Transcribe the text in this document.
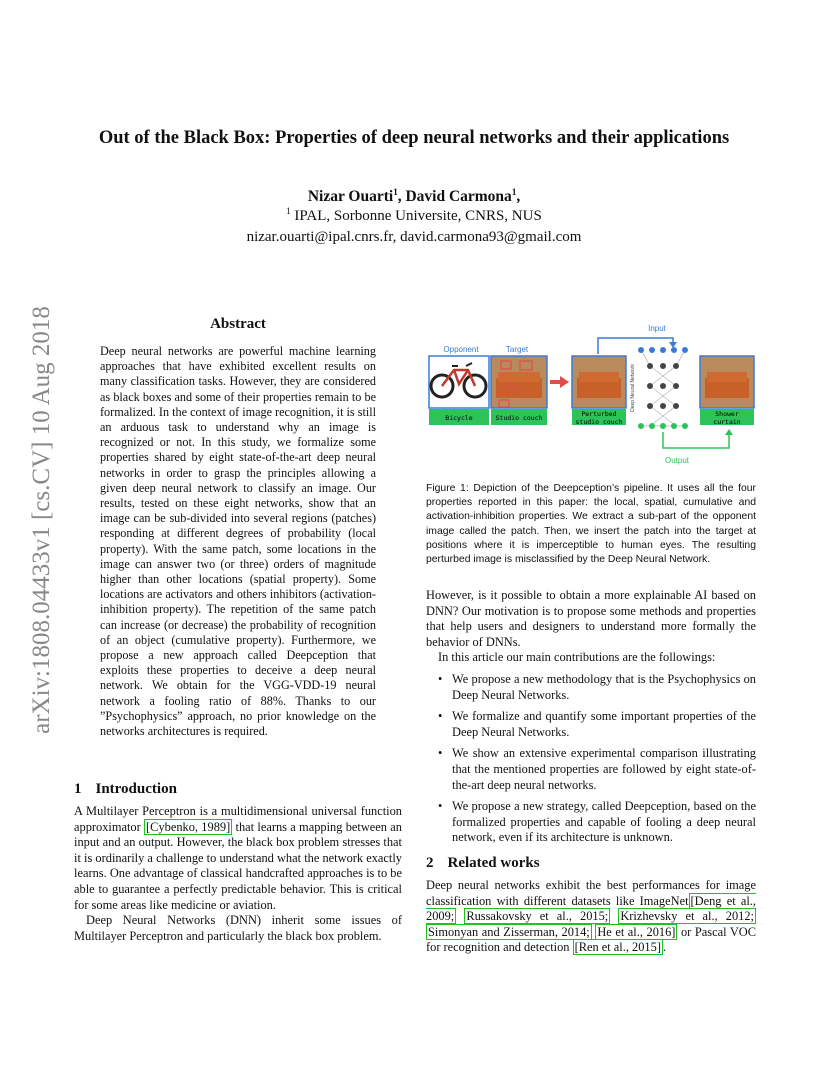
arXiv:1808.04433v1 [cs.CV] 10 Aug 2018
Out of the Black Box: Properties of deep neural networks and their applications
Nizar Ouarti$^1$, David Carmona$^1$,
$^1$ IPAL, Sorbonne Universite, CNRS, NUS
nizar.ouarti@ipal.cnrs.fr, david.carmona93@gmail.com
Abstract
Deep neural networks are powerful machine learning approaches that have exhibited excellent results on many classification tasks. However, they are considered as black boxes and some of their properties remain to be formalized. In the context of image recognition, it is still an arduous task to understand why an image is recognized or not. In this study, we formalize some properties shared by eight state-of-the-art deep neural networks in order to grasp the principles allowing a given deep neural network to classify an image. Our results, tested on these eight networks, show that an image can be sub-divided into several regions (patches) responding at different degrees of probability (local property). With the same patch, some locations in the image can answer two (or three) orders of magnitude higher than other locations (spatial property). Some locations are activators and others inhibitors (activation-inhibition property). The repetition of the same patch can increase (or decrease) the probability of recognition of an object (cumulative property). Furthermore, we propose a new approach called Deepception that exploits these properties to deceive a deep neural network. We obtain for the VGG-VDD-19 neural network a fooling ratio of 88%. Thanks to our ”Psychophysics” approach, no prior knowledge on the networks architectures is required.
1 Introduction

A Multilayer Perceptron is a multidimensional universal function approximator [Cybenko, 1989] that learns a mapping between an input and an output. However, the black box problem stresses that it is ordinarily a challenge to understand what the network exactly learns. One advantage of classical handcrafted approaches is to be able to guarantee a perfectly predictable behavior. This is critical for some areas like medicine or aviation.

Deep Neural Networks (DNN) inherit some issues of Multilayer Perceptron and particularly the black box problem.

Opponent	Target
Input
Output
Deep Neural Network
Bicycle	Studio couch	Perturbed
studio couch
Shower
curtain
Figure 1: Depiction of the Deepception’s pipeline. It uses all the four properties reported in this paper: the local, spatial, cumulative and activation-inhibition properties. We extract a sub-part of the opponent image called the patch. Then, we insert the patch into the target at positions where it is imperceptible to human eyes. The resulting perturbed image is misclassified by the Deep Neural Network.

However, is it possible to obtain a more explainable AI based on DNN? Our motivation is to propose some methods and properties that help users and designers to understand more formally the behavior of DNNs.

In this article our main contributions are the followings:

• We propose a new methodology that is the Psychophysics on Deep Neural Networks.
• We formalize and quantify some important properties of the Deep Neural Networks.
• We show an extensive experimental comparison illustrating that the mentioned properties are followed by eight state-of-the-art deep neural networks.
• We propose a new strategy, called Deepception, based on the formalized properties and capable of fooling a deep neural network, even if its architecture is unknown.
2 Related works
Deep neural networks exhibit the best performances for image classification with different datasets like ImageNet [Deng et al., 2009; Russakovsky et al., 2015; Krizhevsky et al., 2012; Simonyan and Zisserman, 2014; He et al., 2016] or Pascal VOC for recognition and detection [Ren et al., 2015] .
